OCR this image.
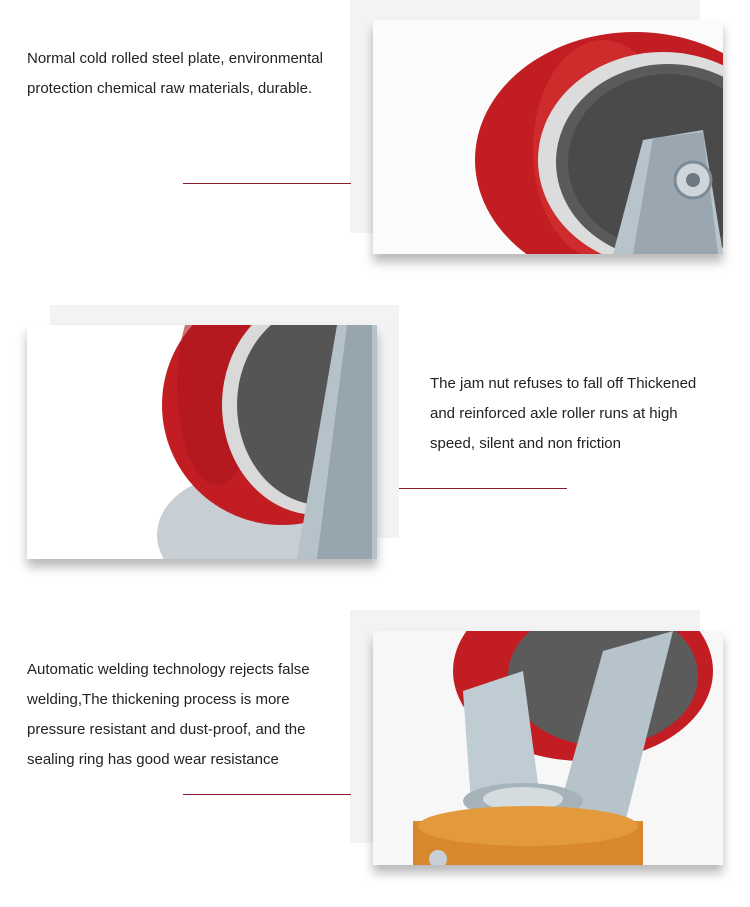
Normal cold rolled steel plate, environmental protection chemical raw materials, durable.

The jam nut refuses to fall off Thickened and reinforced axle roller runs at high speed, silent and non friction

Automatic welding technology rejects false welding,The thickening process is more pressure resistant and dust-proof, and the sealing ring has good wear resistance
